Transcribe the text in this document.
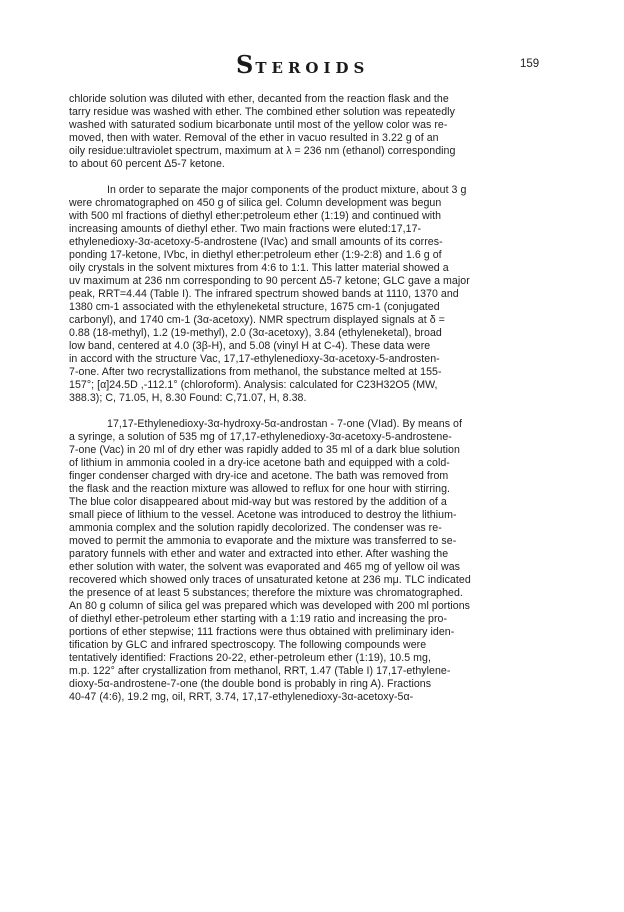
STEROIDS	159
chloride solution was diluted with ether, decanted from the reaction flask and the
tarry residue was washed with ether. The combined ether solution was repeatedly
washed with saturated sodium bicarbonate until most of the yellow color was re-
moved, then with water. Removal of the ether in vacuo resulted in 3.22 g of an
oily residue:ultraviolet spectrum, maximum at λ = 236 nm (ethanol) corresponding
to about 60 percent Δ5-7 ketone.
In order to separate the major components of the product mixture, about 3 g
were chromatographed on 450 g of silica gel. Column development was begun
with 500 ml fractions of diethyl ether:petroleum ether (1:19) and continued with
increasing amounts of diethyl ether. Two main fractions were eluted:17,17-
ethylenedioxy-3α-acetoxy-5-androstene (IVac) and small amounts of its corres-
ponding 17-ketone, IVbc, in diethyl ether:petroleum ether (1:9-2:8) and 1.6 g of
oily crystals in the solvent mixtures from 4:6 to 1:1. This latter material showed a
uv maximum at 236 nm corresponding to 90 percent Δ5-7 ketone; GLC gave a major
peak, RRT=4.44 (Table I). The infrared spectrum showed bands at 1110, 1370 and
1380 cm-1 associated with the ethyleneketal structure, 1675 cm-1 (conjugated
carbonyl), and 1740 cm-1 (3α-acetoxy). NMR spectrum displayed signals at δ =
0.88 (18-methyl), 1.2 (19-methyl), 2.0 (3α-acetoxy), 3.84 (ethyleneketal), broad
low band, centered at 4.0 (3β-H), and 5.08 (vinyl H at C-4). These data were
in accord with the structure Vac, 17,17-ethylenedioxy-3α-acetoxy-5-androsten-
7-one. After two recrystallizations from methanol, the substance melted at 155-
157°; [α]24.5D ,-112.1° (chloroform). Analysis: calculated for C23H32O5 (MW,
388.3); C, 71.05, H, 8.30 Found: C,71.07, H, 8.38.
17,17-Ethylenedioxy-3α-hydroxy-5α-androstan - 7-one (VIad). By means of
a syringe, a solution of 535 mg of 17,17-ethylenedioxy-3α-acetoxy-5-androstene-
7-one (Vac) in 20 ml of dry ether was rapidly added to 35 ml of a dark blue solution
of lithium in ammonia cooled in a dry-ice acetone bath and equipped with a cold-
finger condenser charged with dry-ice and acetone. The bath was removed from
the flask and the reaction mixture was allowed to reflux for one hour with stirring.
The blue color disappeared about mid-way but was restored by the addition of a
small piece of lithium to the vessel. Acetone was introduced to destroy the lithium-
ammonia complex and the solution rapidly decolorized. The condenser was re-
moved to permit the ammonia to evaporate and the mixture was transferred to se-
paratory funnels with ether and water and extracted into ether. After washing the
ether solution with water, the solvent was evaporated and 465 mg of yellow oil was
recovered which showed only traces of unsaturated ketone at 236 mμ. TLC indicated
the presence of at least 5 substances; therefore the mixture was chromatographed.
An 80 g column of silica gel was prepared which was developed with 200 ml portions
of diethyl ether-petroleum ether starting with a 1:19 ratio and increasing the pro-
portions of ether stepwise; 111 fractions were thus obtained with preliminary iden-
tification by GLC and infrared spectroscopy. The following compounds were
tentatively identified: Fractions 20-22, ether-petroleum ether (1:19), 10.5 mg,
m.p. 122° after crystallization from methanol, RRT, 1.47 (Table I) 17,17-ethylene-
dioxy-5α-androstene-7-one (the double bond is probably in ring A). Fractions
40-47 (4:6), 19.2 mg, oil, RRT, 3.74, 17,17-ethylenedioxy-3α-acetoxy-5α-
